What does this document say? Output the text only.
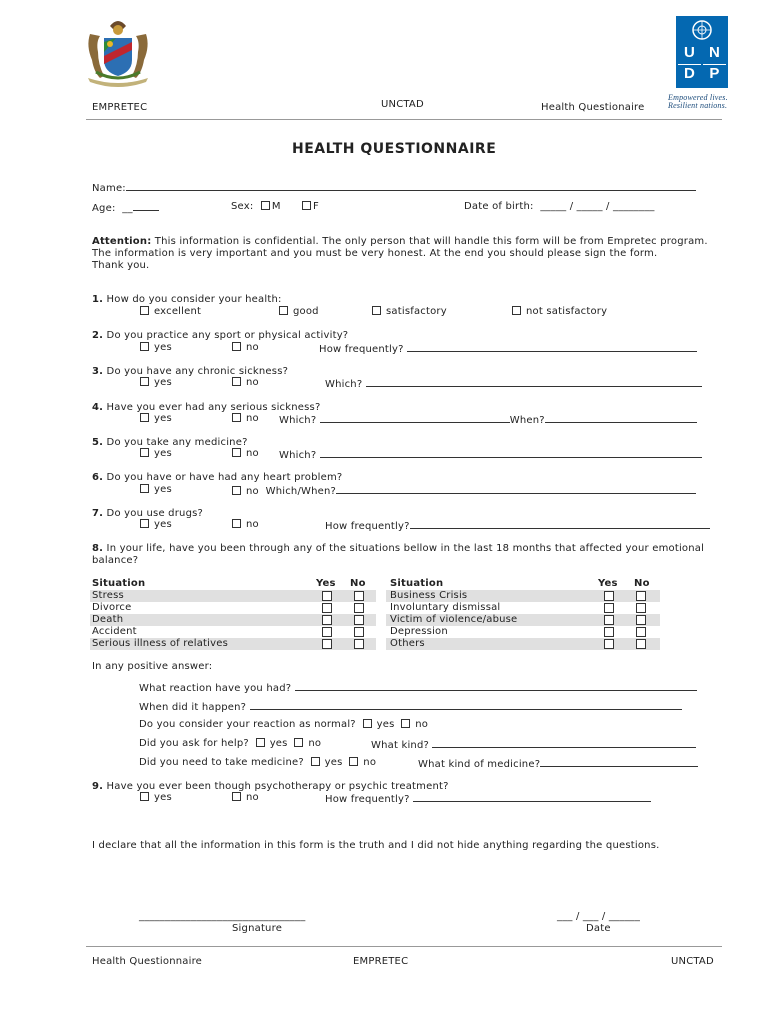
U N
D P
Empowered lives.
Resilient nations.
EMPRETEC	UNCTAD	Health Questionaire
HEALTH QUESTIONNAIRE
Name:
Age: __	Sex: M	F	Date of birth: _____ / _____ / ________
Attention: This information is confidential. The only person that will handle this form will be from Empretec program.
The information is very important and you must be very honest. At the end you should please sign the form.
Thank you.
1. How do you consider your health:
excellent	good	satisfactory	not satisfactory
2. Do you practice any sport or physical activity?
yes	no	How frequently?
3. Do you have any chronic sickness?
yes	no	Which?
4. Have you ever had any serious sickness?
yes	no Which?	When?
5. Do you take any medicine?
yes	no Which?
6. Do you have or have had any heart problem?
yes	no Which/When?
7. Do you use drugs?
yes	no	How frequently?
8. In your life, have you been through any of the situations bellow in the last 18 months that affected your emotional
balance?
Situation	Yes No Situation	Yes No
Stress	Business Crisis
Divorce	Involuntary dismissal
Death	Victim of violence/abuse
Accident	Depression
Serious illness of relatives	Others
In any positive answer:
What reaction have you had?
When did it happen?
Do you consider your reaction as normal? yes no
Did you ask for help? yes no	What kind?
Did you need to take medicine? yes no	What kind of medicine?
9. Have you ever been though psychotherapy or psychic treatment?
yes	no	How frequently?
I declare that all the information in this form is the truth and I did not hide anything regarding the questions.
________________________________
Signature
___ / ___ / ______
Date
Health Questionnaire	EMPRETEC	UNCTAD
